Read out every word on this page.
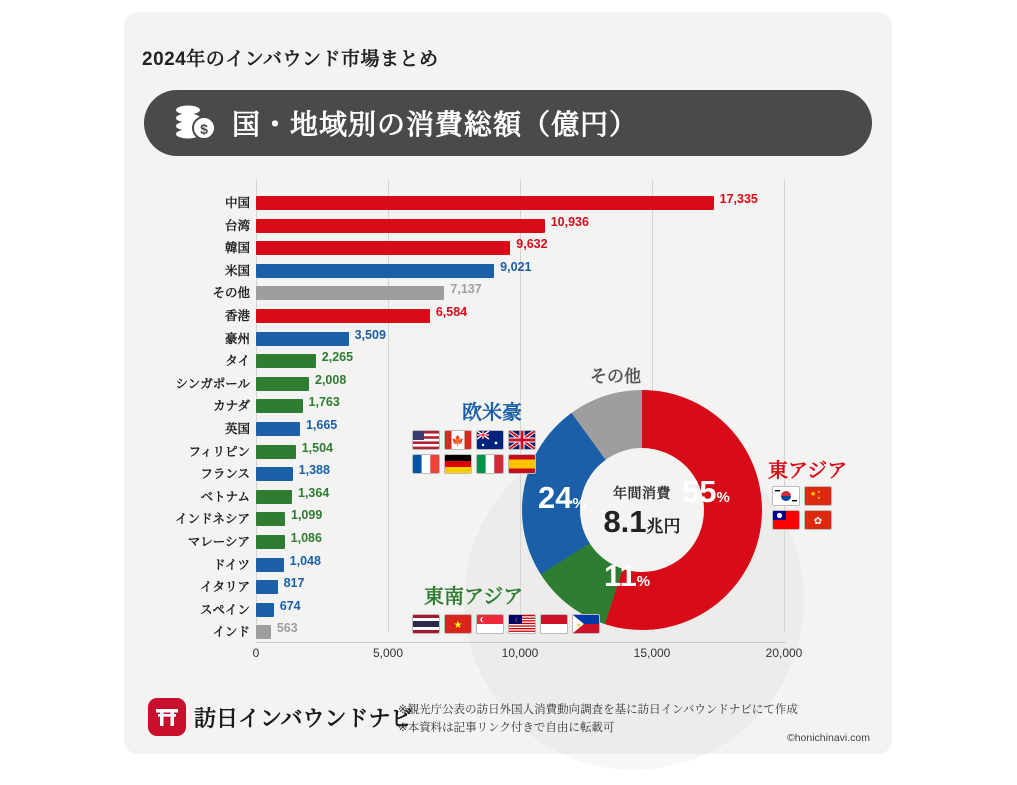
2024年のインバウンド市場まとめ
$ 国・地域別の消費総額（億円）
0	5,000	10,000	15,000	20,000
中国	17,335
台湾	10,936
韓国	9,632
米国	9,021
その他	7,137
香港	6,584
豪州	3,509
タイ	2,265
シンガポール	2,008
カナダ	1,763
英国	1,665
フィリピン	1,504
フランス	1,388
ベトナム	1,364
インドネシア	1,099
マレーシア	1,086
ドイツ	1,048
イタリア	817
スペイン 674
インド 563
年間消費
8.1兆円
55%
11%
24%
その他
東アジア
★ ★
★
✿
欧米豪
🍁
東南アジア
★	☾
★
訪日インバウンドナビ
※観光庁公表の訪日外国人消費動向調査を基に訪日インバウンドナビにて作成
※本資料は記事リンク付きで自由に転載可
©honichinavi.com
